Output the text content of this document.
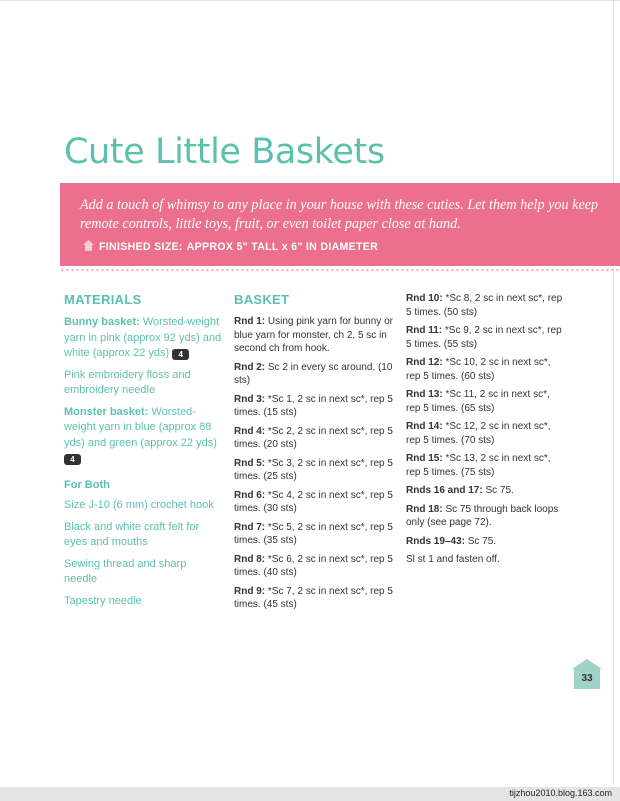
Cute Little Baskets
Add a touch of whimsy to any place in your house with these cuties. Let them help you keep remote controls, little toys, fruit, or even toilet paper close at hand.
FINISHED SIZE: APPROX 5" TALL x 6" IN DIAMETER
MATERIALS
Bunny basket: Worsted-weight yarn in pink (approx 92 yds) and white (approx 22 yds) 4
Pink embroidery floss and embroidery needle
Monster basket: Worsted-weight yarn in blue (approx 88 yds) and green (approx 22 yds) 4
For Both
Size J-10 (6 mm) crochet hook
Black and white craft felt for eyes and mouths
Sewing thread and sharp needle
Tapestry needle
BASKET
Rnd 1: Using pink yarn for bunny or blue yarn for monster, ch 2, 5 sc in second ch from hook.
Rnd 2: Sc 2 in every sc around. (10 sts)
Rnd 3: *Sc 1, 2 sc in next sc*, rep 5 times. (15 sts)
Rnd 4: *Sc 2, 2 sc in next sc*, rep 5 times. (20 sts)
Rnd 5: *Sc 3, 2 sc in next sc*, rep 5 times. (25 sts)
Rnd 6: *Sc 4, 2 sc in next sc*, rep 5 times. (30 sts)
Rnd 7: *Sc 5, 2 sc in next sc*, rep 5 times. (35 sts)
Rnd 8: *Sc 6, 2 sc in next sc*, rep 5 times. (40 sts)
Rnd 9: *Sc 7, 2 sc in next sc*, rep 5 times. (45 sts)
Rnd 10: *Sc 8, 2 sc in next sc*, rep 5 times. (50 sts)
Rnd 11: *Sc 9, 2 sc in next sc*, rep 5 times. (55 sts)
Rnd 12: *Sc 10, 2 sc in next sc*, rep 5 times. (60 sts)
Rnd 13: *Sc 11, 2 sc in next sc*, rep 5 times. (65 sts)
Rnd 14: *Sc 12, 2 sc in next sc*, rep 5 times. (70 sts)
Rnd 15: *Sc 13, 2 sc in next sc*, rep 5 times. (75 sts)
Rnds 16 and 17: Sc 75.
Rnd 18: Sc 75 through back loops only (see page 72).
Rnds 19–43: Sc 75.
Sl st 1 and fasten off.
33
tijzhou2010.blog.163.com
